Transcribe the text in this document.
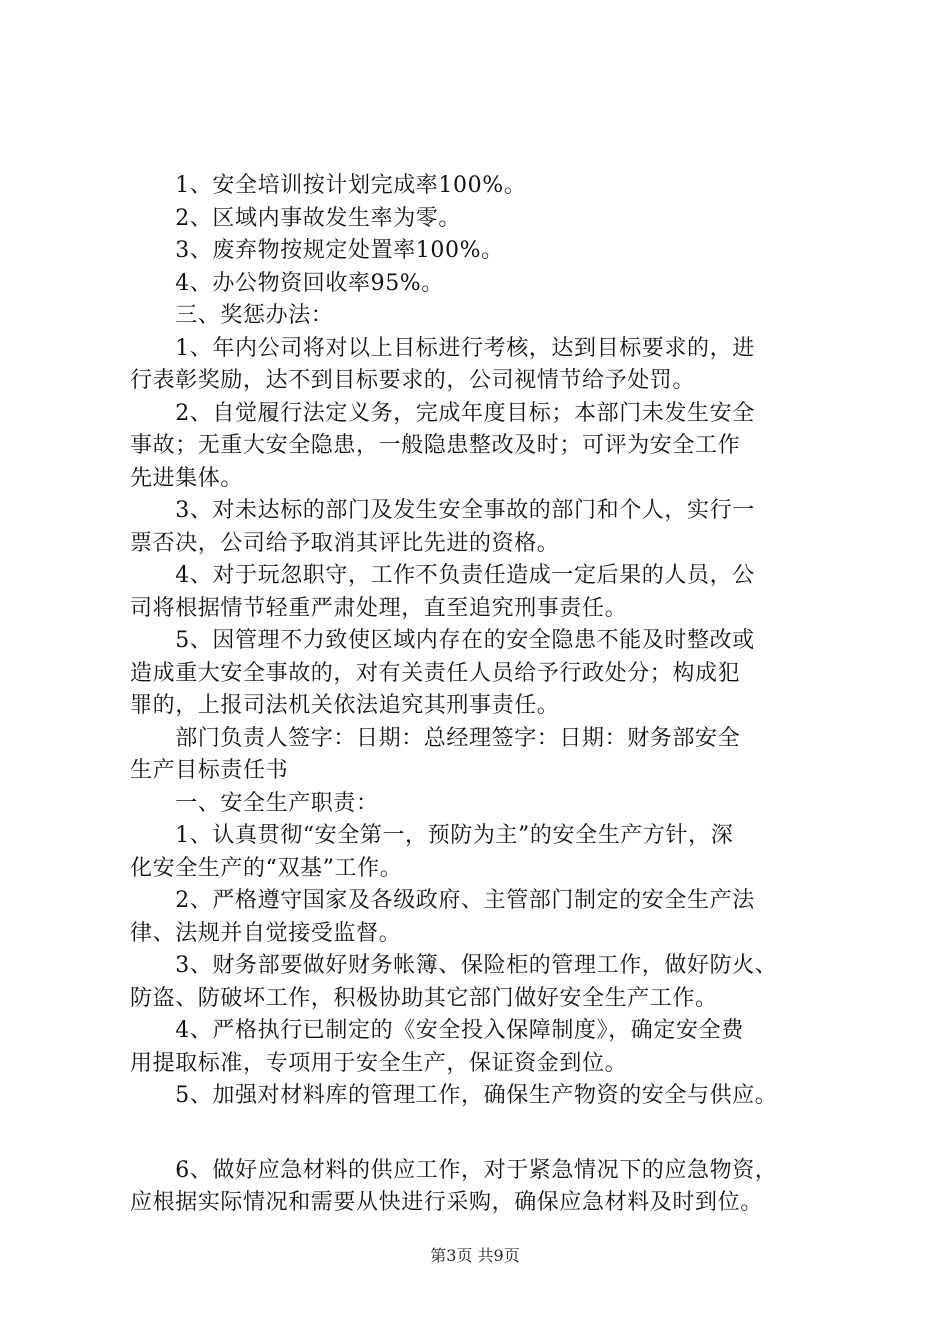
　　1、安全培训按计划完成率100%。
　　2、区域内事故发生率为零。
　　3、废弃物按规定处置率100%。
　　4、办公物资回收率95%。
　　三、奖惩办法：
　　1、年内公司将对以上目标进行考核，达到目标要求的，进
行表彰奖励，达不到目标要求的，公司视情节给予处罚。
　　2、自觉履行法定义务，完成年度目标；本部门未发生安全
事故；无重大安全隐患，一般隐患整改及时；可评为安全工作
先进集体。
　　3、对未达标的部门及发生安全事故的部门和个人，实行一
票否决，公司给予取消其评比先进的资格。
　　4、对于玩忽职守，工作不负责任造成一定后果的人员，公
司将根据情节轻重严肃处理，直至追究刑事责任。
　　5、因管理不力致使区域内存在的安全隐患不能及时整改或
造成重大安全事故的，对有关责任人员给予行政处分；构成犯
罪的，上报司法机关依法追究其刑事责任。
　　部门负责人签字：日期：总经理签字：日期：财务部安全
生产目标责任书
　　一、安全生产职责：
　　1、认真贯彻“安全第一，预防为主”的安全生产方针，深
化安全生产的“双基”工作。
　　2、严格遵守国家及各级政府、主管部门制定的安全生产法
律、法规并自觉接受监督。
　　3、财务部要做好财务帐簿、保险柜的管理工作，做好防火、
防盗、防破坏工作，积极协助其它部门做好安全生产工作。
　　4、严格执行已制定的《安全投入保障制度》，确定安全费
用提取标准，专项用于安全生产，保证资金到位。
　　5、加强对材料库的管理工作，确保生产物资的安全与供应。
　　6、做好应急材料的供应工作，对于紧急情况下的应急物资，
应根据实际情况和需要从快进行采购，确保应急材料及时到位。
第3页 共9页
